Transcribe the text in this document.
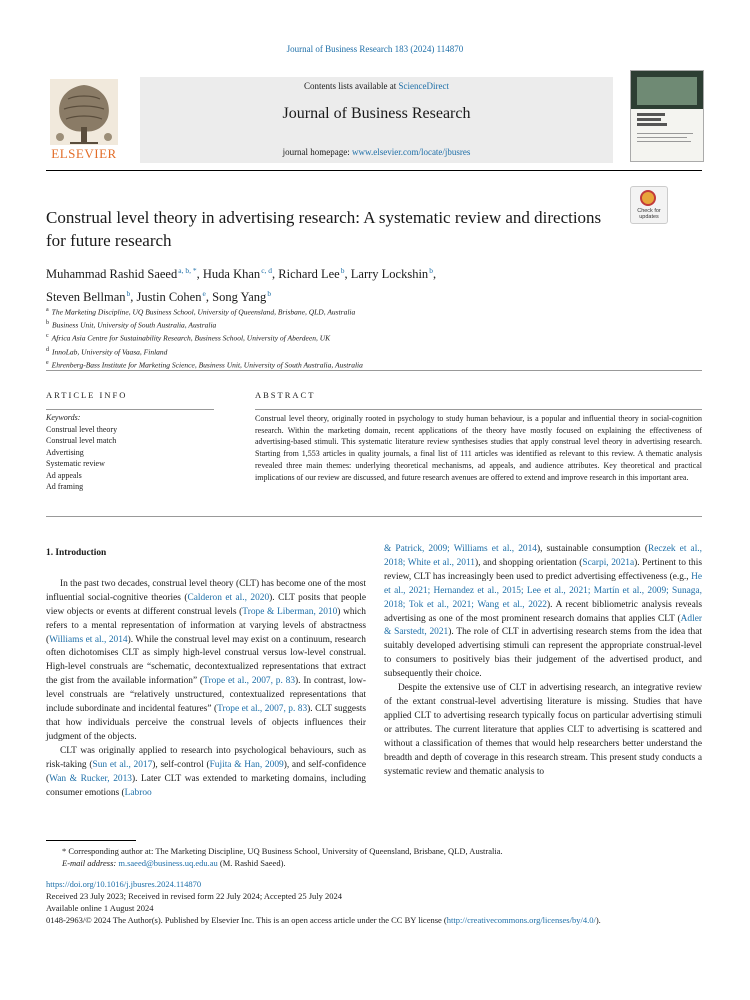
Journal of Business Research 183 (2024) 114870
ELSEVIER
Contents lists available at ScienceDirect
Journal of Business Research
journal homepage: www.elsevier.com/locate/jbusres
Check for updates
Construal level theory in advertising research: A systematic review and directions for future research
Muhammad Rashid Saeed $^{a, b, *}$, Huda Khan $^{c, d}$, Richard Lee $^b$, Larry Lockshin $^b$,
Steven Bellman $^b$, Justin Cohen $^e$, Song Yang $^b$
$^a$ The Marketing Discipline, UQ Business School, University of Queensland, Brisbane, QLD, Australia
$^b$ Business Unit, University of South Australia, Australia
$^c$ Africa Asia Centre for Sustainability Research, Business School, University of Aberdeen, UK
$^d$ InnoLab, University of Vaasa, Finland
$^e$ Ehrenberg-Bass Institute for Marketing Science, Business Unit, University of South Australia, Australia
ARTICLE INFO	ABSTRACT
Keywords:
Construal level theory
Construal level match
Advertising
Systematic review
Ad appeals
Ad framing
Construal level theory, originally rooted in psychology to study human behaviour, is a popular and influential theory in social-cognition research. Within the marketing domain, recent applications of the theory have mostly focused on explaining the effectiveness of advertising-based stimuli. This systematic literature review synthesises studies that apply construal level theory in advertising research. Starting from 1,553 articles in quality journals, a final list of 111 articles was identified as relevant to this review. A thematic analysis revealed three main themes: underlying theoretical mechanisms, ad appeals, and audience attributes. Key theoretical and practical implications of our review are discussed, and future research avenues are offered to extend and improve research in this important area.
1. Introduction

In the past two decades, construal level theory (CLT) has become one of the most influential social-cognitive theories (Calderon et al., 2020). CLT posits that people view objects or events at different construal levels (Trope & Liberman, 2010) which refers to a mental representation of information at varying levels of abstractness (Williams et al., 2014). While the construal level may exist on a continuum, research often dichotomises CLT as simply high-level construal versus low-level construal. High-level construals are “schematic, decontextualized representations that extract the gist from the available information” (Trope et al., 2007, p. 83). In contrast, low-level construals are “relatively unstructured, contextualized representations that include subordinate and incidental features” (Trope et al., 2007, p. 83). CLT suggests that how individuals perceive the construal levels of objects influences their judgment of the objects.

CLT was originally applied to research into psychological behaviours, such as risk-taking (Sun et al., 2017), self-control (Fujita & Han, 2009), and self-confidence (Wan & Rucker, 2013). Later CLT was extended to marketing domains, including consumer emotions (Labroo

& Patrick, 2009; Williams et al., 2014), sustainable consumption (Reczek et al., 2018; White et al., 2011), and shopping orientation (Scarpi, 2021a). Pertinent to this review, CLT has increasingly been used to predict advertising effectiveness (e.g., He et al., 2021; Hernandez et al., 2015; Lee et al., 2021; Martín et al., 2009; Sunaga, 2018; Tok et al., 2021; Wang et al., 2022). A recent bibliometric analysis reveals advertising as one of the most prominent research domains that applies CLT (Adler & Sarstedt, 2021). The role of CLT in advertising research stems from the idea that suitably developed advertising stimuli can represent the appropriate construal-level to consumers to positively bias their judgement of the advertised product, and subsequently their choice.

Despite the extensive use of CLT in advertising research, an integrative review of the extant construal-level advertising literature is missing. Studies that have applied CLT to advertising research typically focus on particular advertising stimuli or attributes. The current literature that applies CLT to advertising is scattered and without a classification of themes that would help researchers better understand the breadth and depth of coverage in this research stream. This present study conducts a systematic review and thematic analysis to

* Corresponding author at: The Marketing Discipline, UQ Business School, University of Queensland, Brisbane, QLD, Australia.
E-mail address: m.saeed@business.uq.edu.au (M. Rashid Saeed).
https://doi.org/10.1016/j.jbusres.2024.114870
Received 23 July 2023; Received in revised form 22 July 2024; Accepted 25 July 2024
Available online 1 August 2024
0148-2963/© 2024 The Author(s). Published by Elsevier Inc. This is an open access article under the CC BY license (http://creativecommons.org/licenses/by/4.0/).
